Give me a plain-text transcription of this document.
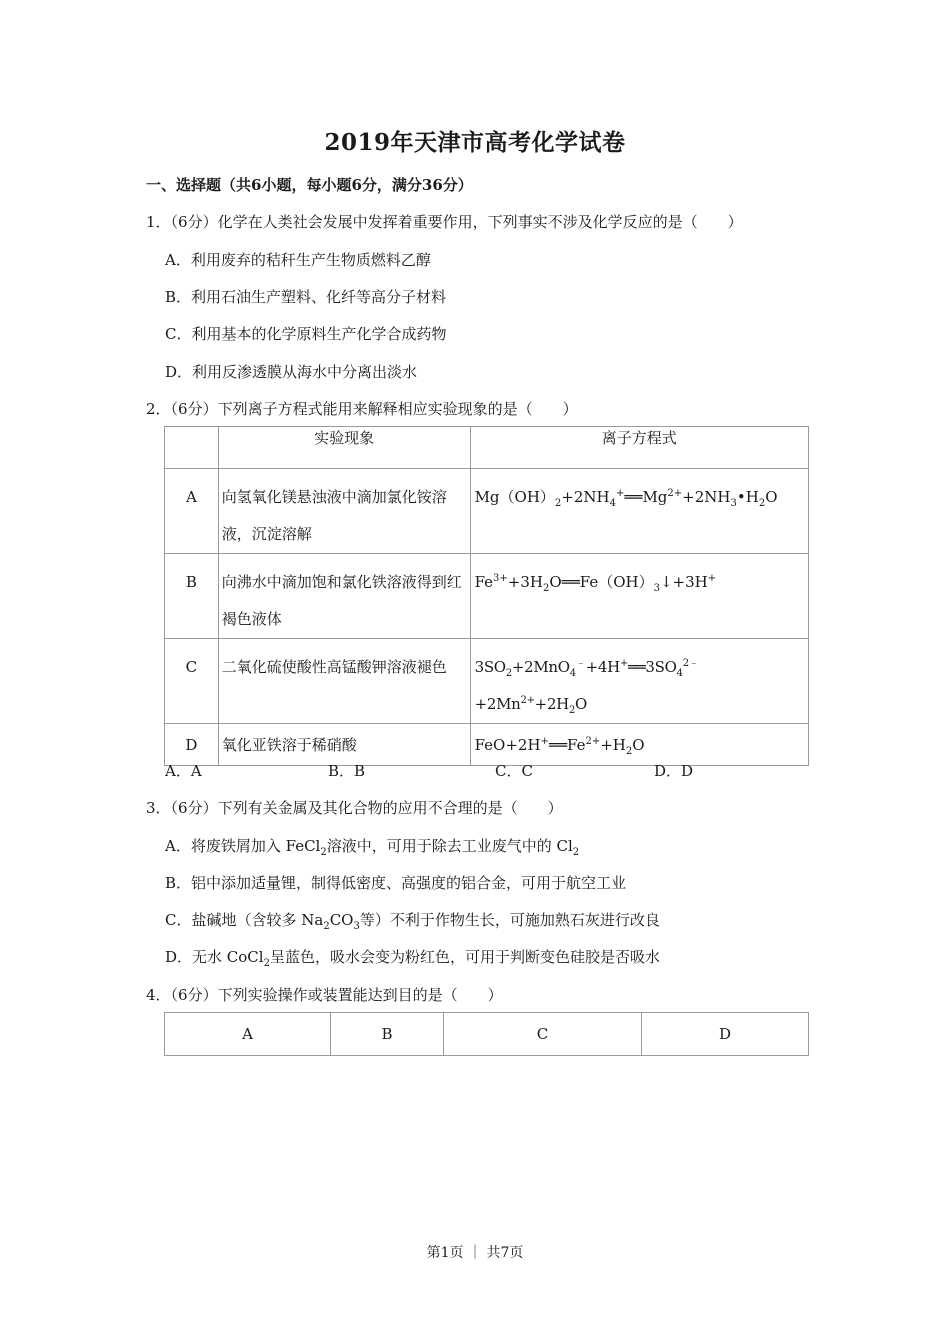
2019年天津市高考化学试卷
一、选择题（共6小题，每小题6分，满分36分）
1．（6分）化学在人类社会发展中发挥着重要作用，下列事实不涉及化学反应的是（　　）
A．利用废弃的秸秆生产生物质燃料乙醇
B．利用石油生产塑料、化纤等高分子材料
C．利用基本的化学原料生产化学合成药物
D．利用反渗透膜从海水中分离出淡水
2．（6分）下列离子方程式能用来解释相应实验现象的是（　　）
	实验现象	离子方程式

A	向氢氧化镁悬浊液中滴加氯化铵溶液，沉淀溶解	$Mg(OH)_2+2NH_4^+══Mg^{2+}+2NH_3•H_2O$

B	向沸水中滴加饱和氯化铁溶液得到红褐色液体	$Fe^{3+}+3H_2O══Fe(OH)_3↓+3H^+$

C	二氧化硫使酸性高锰酸钾溶液褪色	$3SO_2+2MnO_4^﹣+4H^+══3SO_4^{2﹣}+2Mn^{2+}+2H_2O$

D	氧化亚铁溶于稀硝酸	$FeO+2H^+══Fe^{2+}+H_2O$
A．A	B．B	C．C	D．D
3．（6分）下列有关金属及其化合物的应用不合理的是（　　）
A．将废铁屑加入 FeCl$_2$溶液中，可用于除去工业废气中的 $Cl_2$
B．铝中添加适量锂，制得低密度、高强度的铝合金，可用于航空工业
C．盐碱地（含较多 $Na_2CO_3$等）不利于作物生长，可施加熟石灰进行改良
D．无水 CoCl$_2$呈蓝色，吸水会变为粉红色，可用于判断变色硅胶是否吸水
4．（6分）下列实验操作或装置能达到目的是（　　）
A	B	C	D
第1页 ｜ 共7页
